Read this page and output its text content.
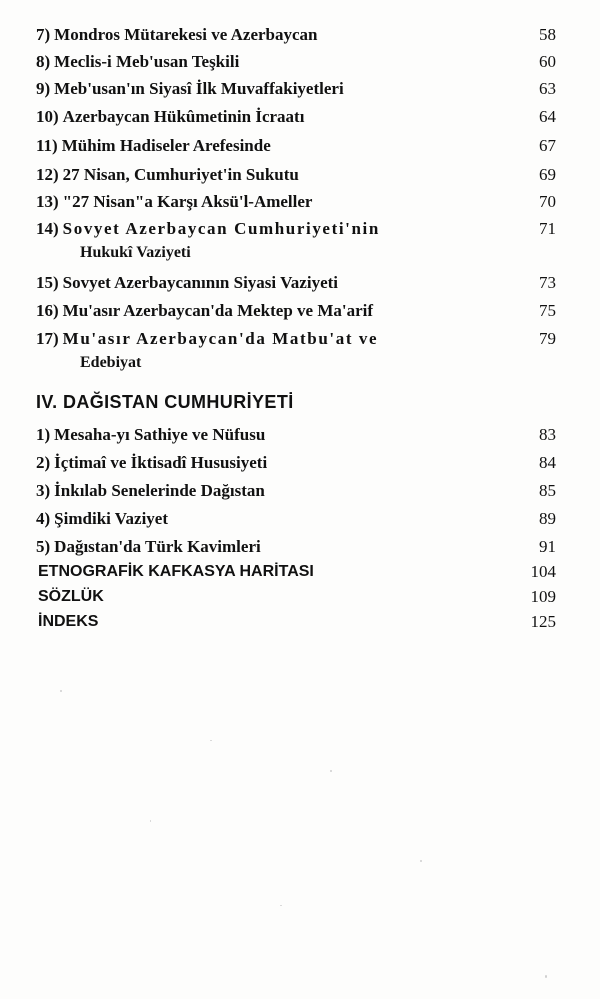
7) Mondros Mütarekesi ve Azerbaycan	58
8) Meclis-i Meb'usan Teşkili	60
9) Meb'usan'ın Siyasî İlk Muvaffakiyetleri	63
10) Azerbaycan Hükûmetinin İcraatı	64
11) Mühim Hadiseler Arefesinde	67
12) 27 Nisan, Cumhuriyet'in Sukutu	69
13) "27 Nisan"a Karşı Aksü'l-Ameller	70
14) Sovyet Azerbaycan Cumhuriyeti'nin	71
Hukukî Vaziyeti
15) Sovyet Azerbaycanının Siyasi Vaziyeti	73
16) Mu'asır Azerbaycan'da Mektep ve Ma'arif	75
17) Mu'asır Azerbaycan'da Matbu'at ve	79
Edebiyat
IV. DAĞISTAN CUMHURİYETİ
1) Mesaha-yı Sathiye ve Nüfusu	83
2) İçtimaî ve İktisadî Hususiyeti	84
3) İnkılab Senelerinde Dağıstan	85
4) Şimdiki Vaziyet	89
5) Dağıstan'da Türk Kavimleri	91
ETNOGRAFİK KAFKASYA HARİTASI	104
SÖZLÜK	109
İNDEKS	125
